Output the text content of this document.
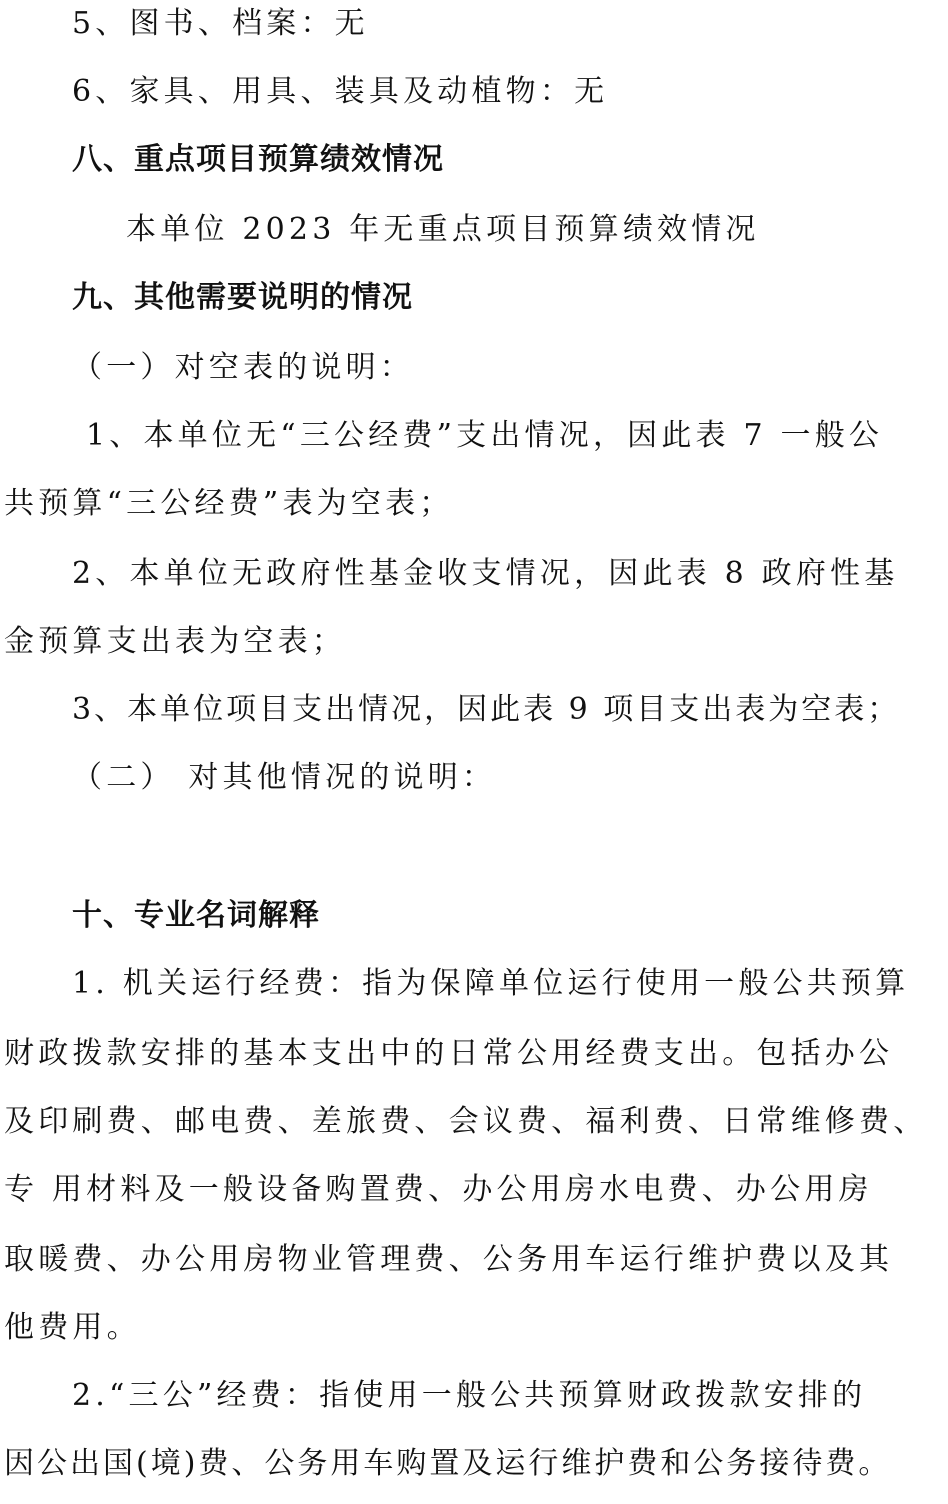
5、图书、档案：无
6、家具、用具、装具及动植物：无
八、重点项目预算绩效情况
本单位 2023 年无重点项目预算绩效情况
九、其他需要说明的情况
（一）对空表的说明：
1、本单位无“三公经费”支出情况，因此表 7 一般公
共预算“三公经费”表为空表；
2、本单位无政府性基金收支情况，因此表 8 政府性基
金预算支出表为空表；
3、本单位项目支出情况，因此表 9 项目支出表为空表；
（二） 对其他情况的说明：
十、专业名词解释
1. 机关运行经费：指为保障单位运行使用一般公共预算
财政拨款安排的基本支出中的日常公用经费支出。包括办公
及印刷费、邮电费、差旅费、会议费、福利费、日常维修费、
专 用材料及一般设备购置费、办公用房水电费、办公用房
取暖费、办公用房物业管理费、公务用车运行维护费以及其
他费用。
2.“三公”经费：指使用一般公共预算财政拨款安排的
因公出国(境)费、公务用车购置及运行维护费和公务接待费。
